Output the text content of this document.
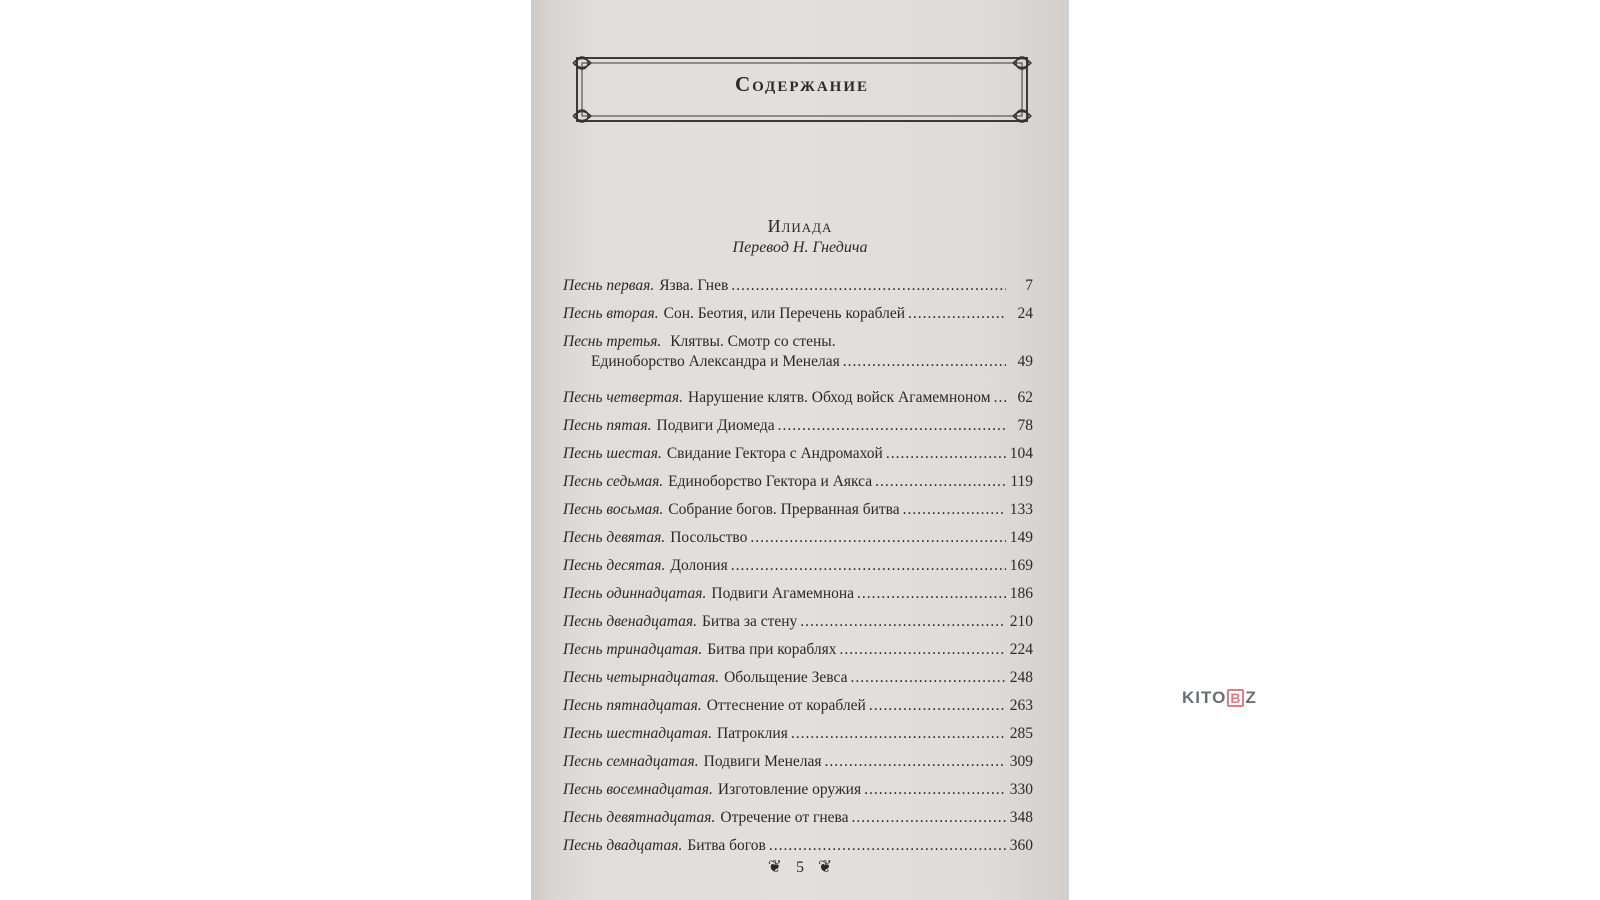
Содержание
Илиада
Перевод Н. Гнедича
Песнь первая. Язва. Гнев .....	7
Песнь вторая. Сон. Беотия, или Перечень кораблей .....	24
Песнь третья. Клятвы. Смотр со стены.
Единоборство Александра и Менелая .....	49
Песнь четвертая. Нарушение клятв. Обход войск Агамемноном .....	62
Песнь пятая. Подвиги Диомеда .....	78
Песнь шестая. Свидание Гектора с Андромахой .....	104
Песнь седьмая. Единоборство Гектора и Аякса .....	119
Песнь восьмая. Собрание богов. Прерванная битва .....	133
Песнь девятая. Посольство .....	149
Песнь десятая. Долония .....	169
Песнь одиннадцатая. Подвиги Агамемнона .....	186
Песнь двенадцатая. Битва за стену .....	210
Песнь тринадцатая. Битва при кораблях .....	224
Песнь четырнадцатая. Обольщение Зевса .....	248
Песнь пятнадцатая. Оттеснение от кораблей .....	263
Песнь шестнадцатая. Патроклия .....	285
Песнь семнадцатая. Подвиги Менелая .....	309
Песнь восемнадцатая. Изготовление оружия .....	330
Песнь девятнадцатая. Отречение от гнева .....	348
Песнь двадцатая. Битва богов .....	360
❦ 5 ❦
KITO B Z
